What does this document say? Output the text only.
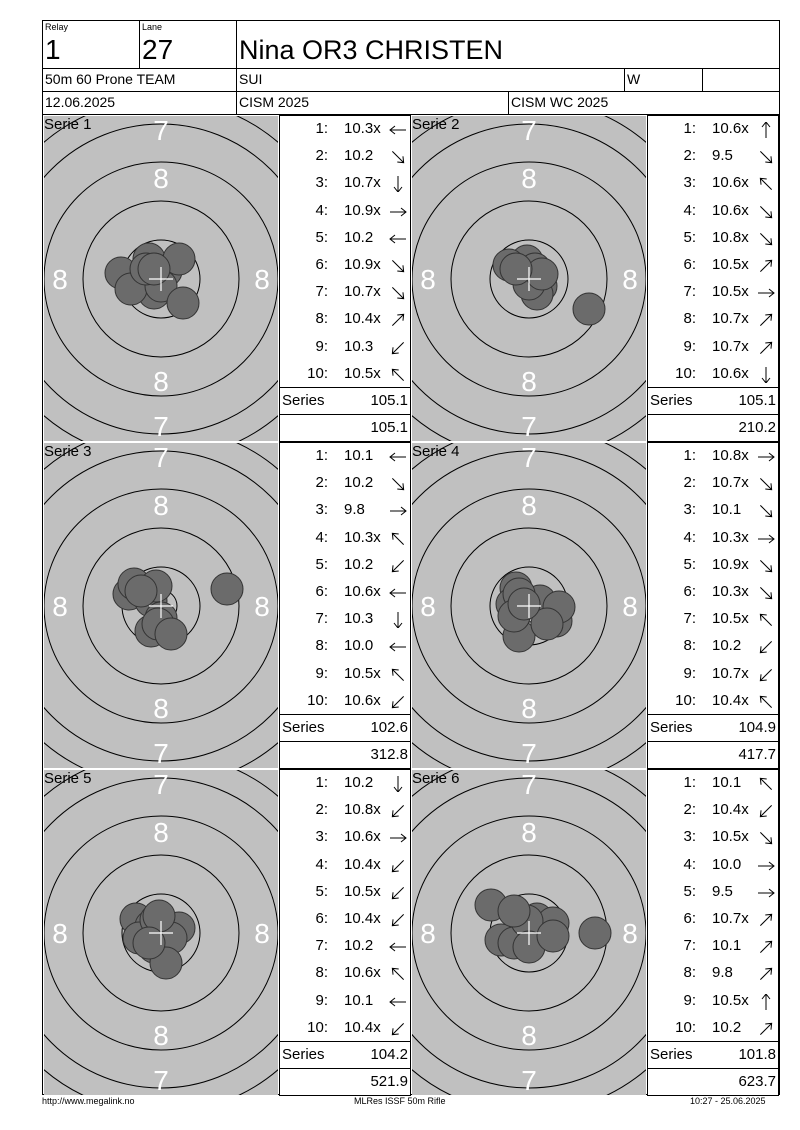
Relay
1
Lane
27 Nina OR3 CHRISTEN
50m 60 Prone TEAM	SUI	W
12.06.2025	CISM 2025	CISM WC 2025
7
8
8
7
8	8
Serie 1	1: 10.3x
2: 10.2
3: 10.7x
4: 10.9x
5: 10.2
6: 10.9x
7: 10.7x
8: 10.4x
9: 10.3
10: 10.5x
Series	105.1
105.1
7
8
8
7
8	8
Serie 2	1: 10.6x
2: 9.5
3: 10.6x
4: 10.6x
5: 10.8x
6: 10.5x
7: 10.5x
8: 10.7x
9: 10.7x
10: 10.6x
Series	105.1
210.2
7
8
8
7
8	8
Serie 3	1: 10.1
2: 10.2
3: 9.8
4: 10.3x
5: 10.2
6: 10.6x
7: 10.3
8: 10.0
9: 10.5x
10: 10.6x
Series	102.6
312.8
7
8
8
7
8	8
Serie 4	1: 10.8x
2: 10.7x
3: 10.1
4: 10.3x
5: 10.9x
6: 10.3x
7: 10.5x
8: 10.2
9: 10.7x
10: 10.4x
Series	104.9
417.7
7
8
8
7
8	8
Serie 5	1: 10.2
2: 10.8x
3: 10.6x
4: 10.4x
5: 10.5x
6: 10.4x
7: 10.2
8: 10.6x
9: 10.1
10: 10.4x
Series	104.2
521.9
7
8
8
7
8	8
Serie 6	1: 10.1
2: 10.4x
3: 10.5x
4: 10.0
5: 9.5
6: 10.7x
7: 10.1
8: 9.8
9: 10.5x
10: 10.2
Series	101.8
623.7
http://www.megalink.no	MLRes ISSF 50m Rifle	10:27 - 25.06.2025
